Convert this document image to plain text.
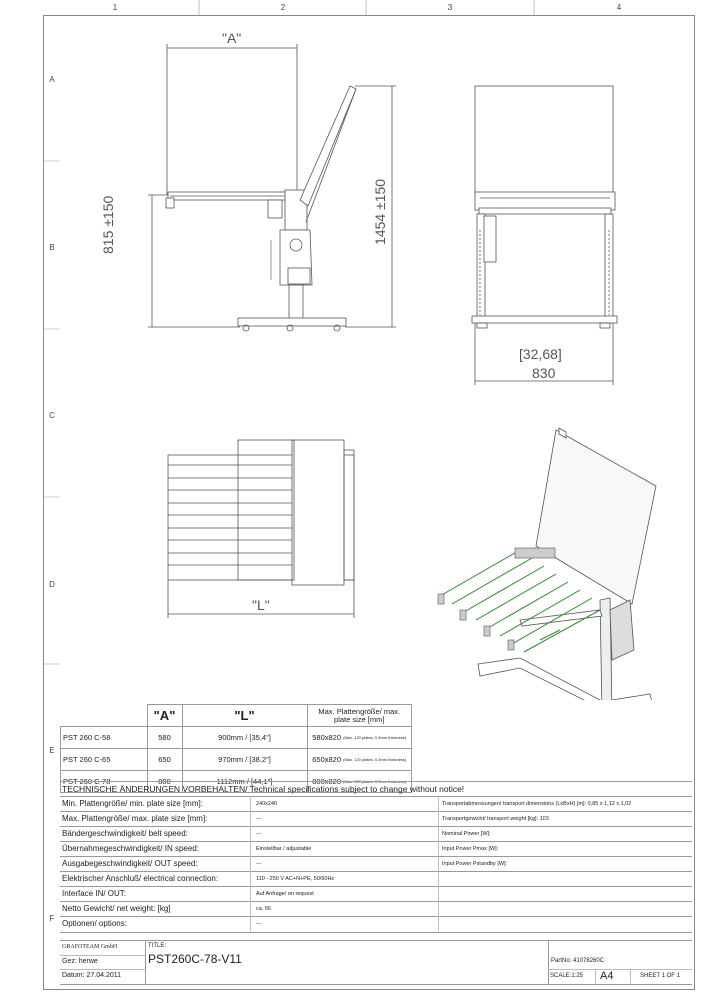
1	2	3	4
A
B
C
D
E
F
"A"
815 ±150	1454 ±150
[32,68]
830
"L"
	"A"	"L"	Max. Plattengröße/ max. plate size [mm]
PST 260 C-58	580	900mm / [35,4"]	580x820 (Max. 120 plates; 0,3mm thickness)
PST 260 C-65	650	970mm / [38,2"]	650x820 (Max. 120 plates; 0,3mm thickness)
PST 260 C-78	800	1112mm / [44,1"]	800x820 (Max. 120 plates; 0,3mm thickness)
TECHNISCHE ÄNDERUNGEN VORBEHALTEN/ Technical specifications subject to change without notice!
Min. Plattengröße/ min. plate size [mm]:	240x240	Transportabmessungen/ transport dimensions (LxBxH) [m]: 0,85 x 1,12 x 1,02
Max. Plattengröße/ max. plate size [mm]:	---	Transportgewicht/ transport weight [kg]: 103
Bändergeschwindigkeit/ belt speed:	---	Nominal Power [W]:
Übernahmegeschwindigkeit/ IN speed:	Einstellbar / adjustable	Input Power Pmax [W]:
Ausgabegeschwindigkeit/ OUT speed:	---	Input Power Pstandby [W]:
Elektrischer Anschluß/ electrical connection:	110 - 250 V AC+N+PE, 50/60Hz
Interface IN/ OUT:	Auf Anfrage/ on request
Netto Gewicht/ net weight: [kg]	ca. 56
Optionen/ options:	---
GRAFOTEAM GmbH
Gez: herwe
Datum: 27.04.2011
TITLE:
PST260C-78-V11	PartNo: 41078260C
SCALE:1:25 A4	SHEET 1 OF 1
